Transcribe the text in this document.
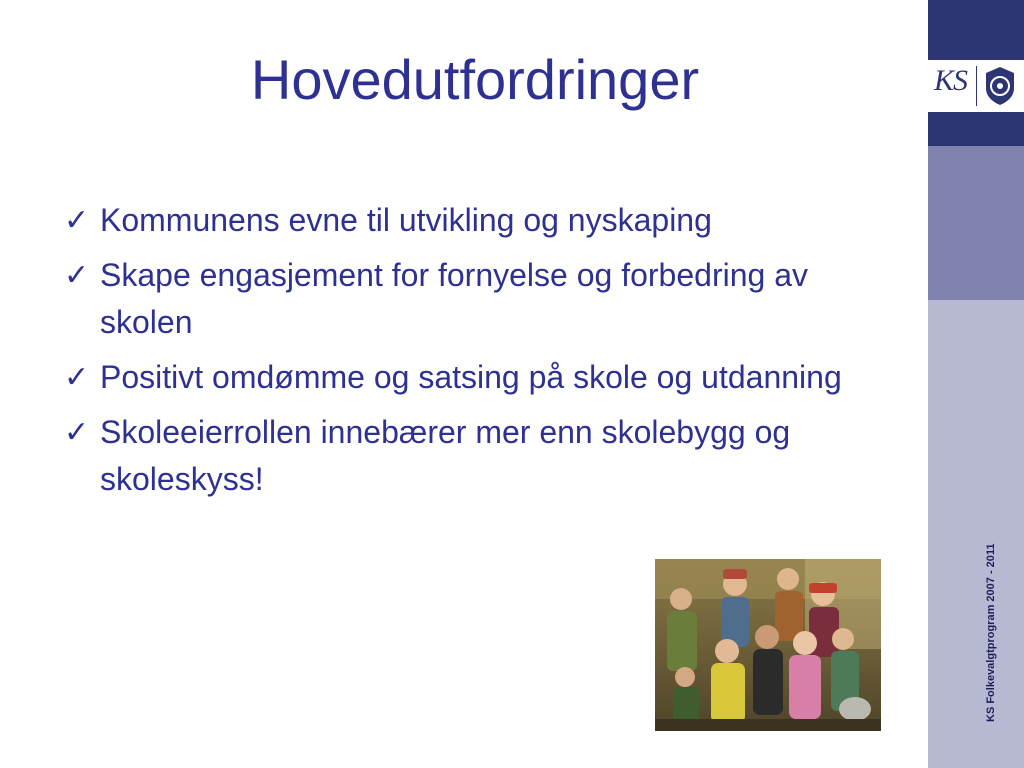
Hovedutfordringer
✓ Kommunens evne til utvikling og nyskaping
✓ Skape engasjement for fornyelse og forbedring av skolen
✓ Positivt omdømme og satsing på skole og utdanning
✓ Skoleeierrollen innebærer mer enn skolebygg og skoleskyss!
KS
KS Folkevalgtprogram 2007 - 2011
